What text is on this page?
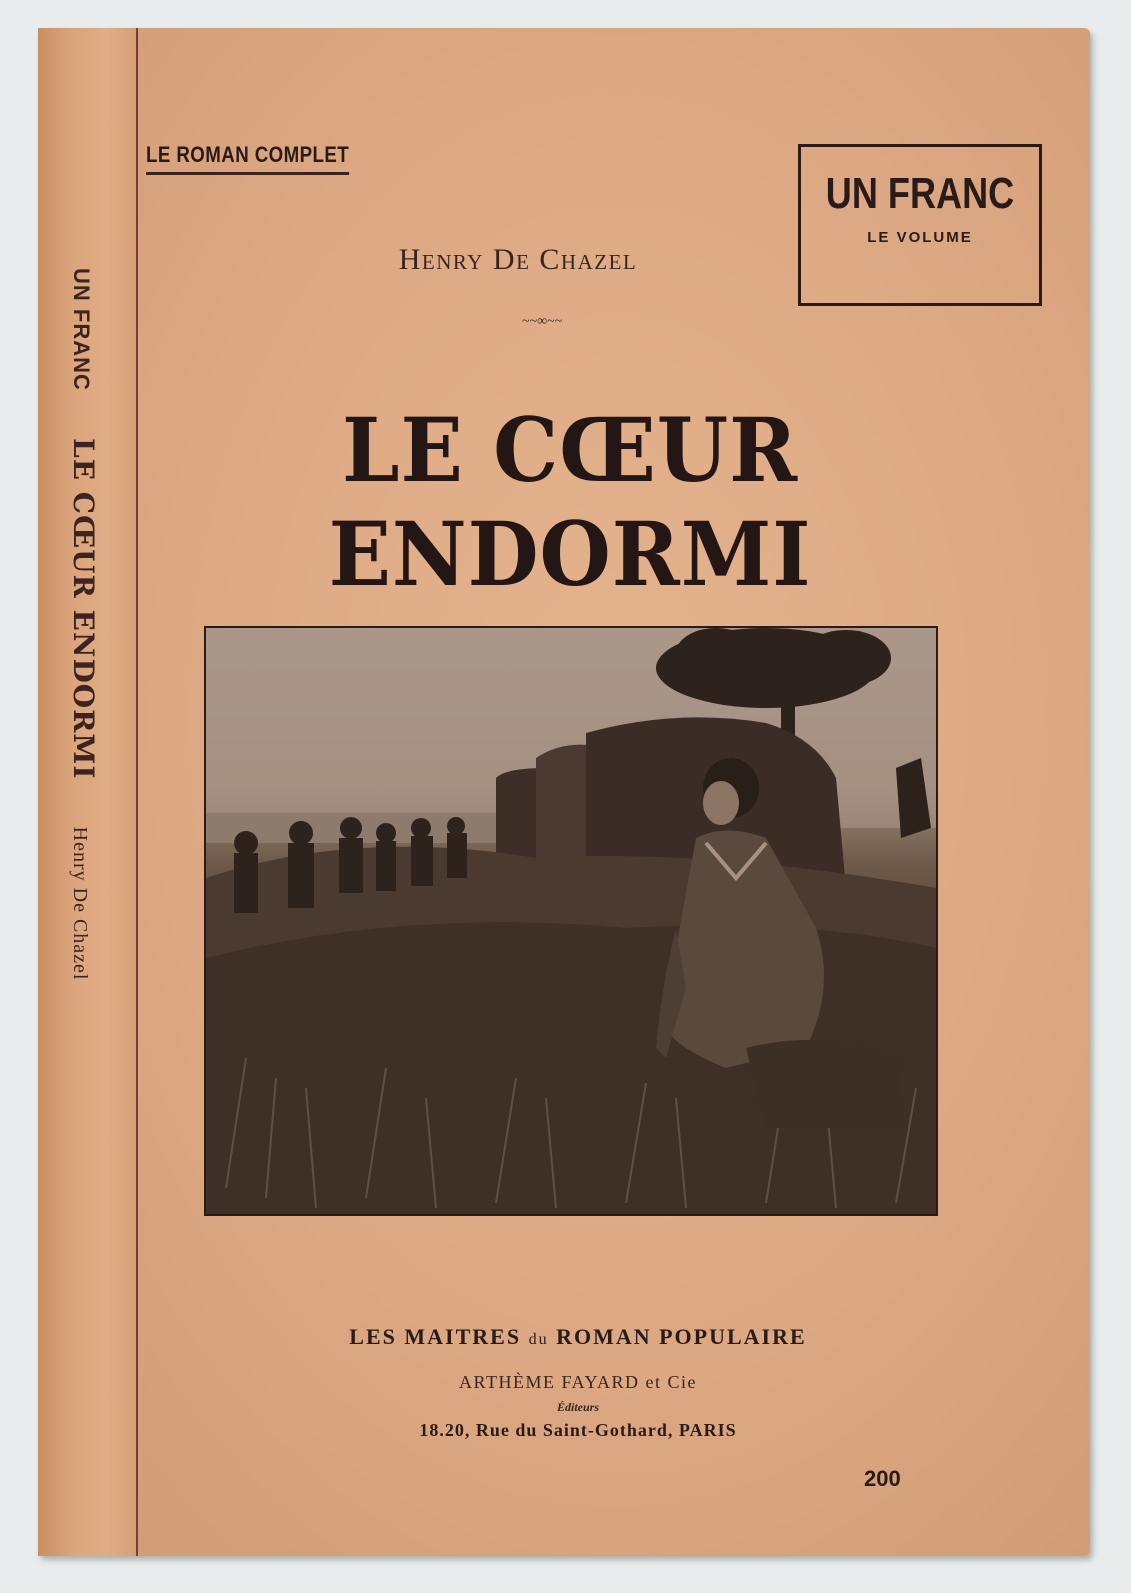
UN FRANC LE CŒUR ENDORMI Henry De Chazel
LE ROMAN COMPLET
UN FRANC
LE VOLUME
Henry De Chazel
~~∞~~
LE CŒUR ENDORMI
LES MAITRES du ROMAN POPULAIRE
ARTHÈME FAYARD et Cie
Éditeurs
18.20, Rue du Saint-Gothard, PARIS
200
